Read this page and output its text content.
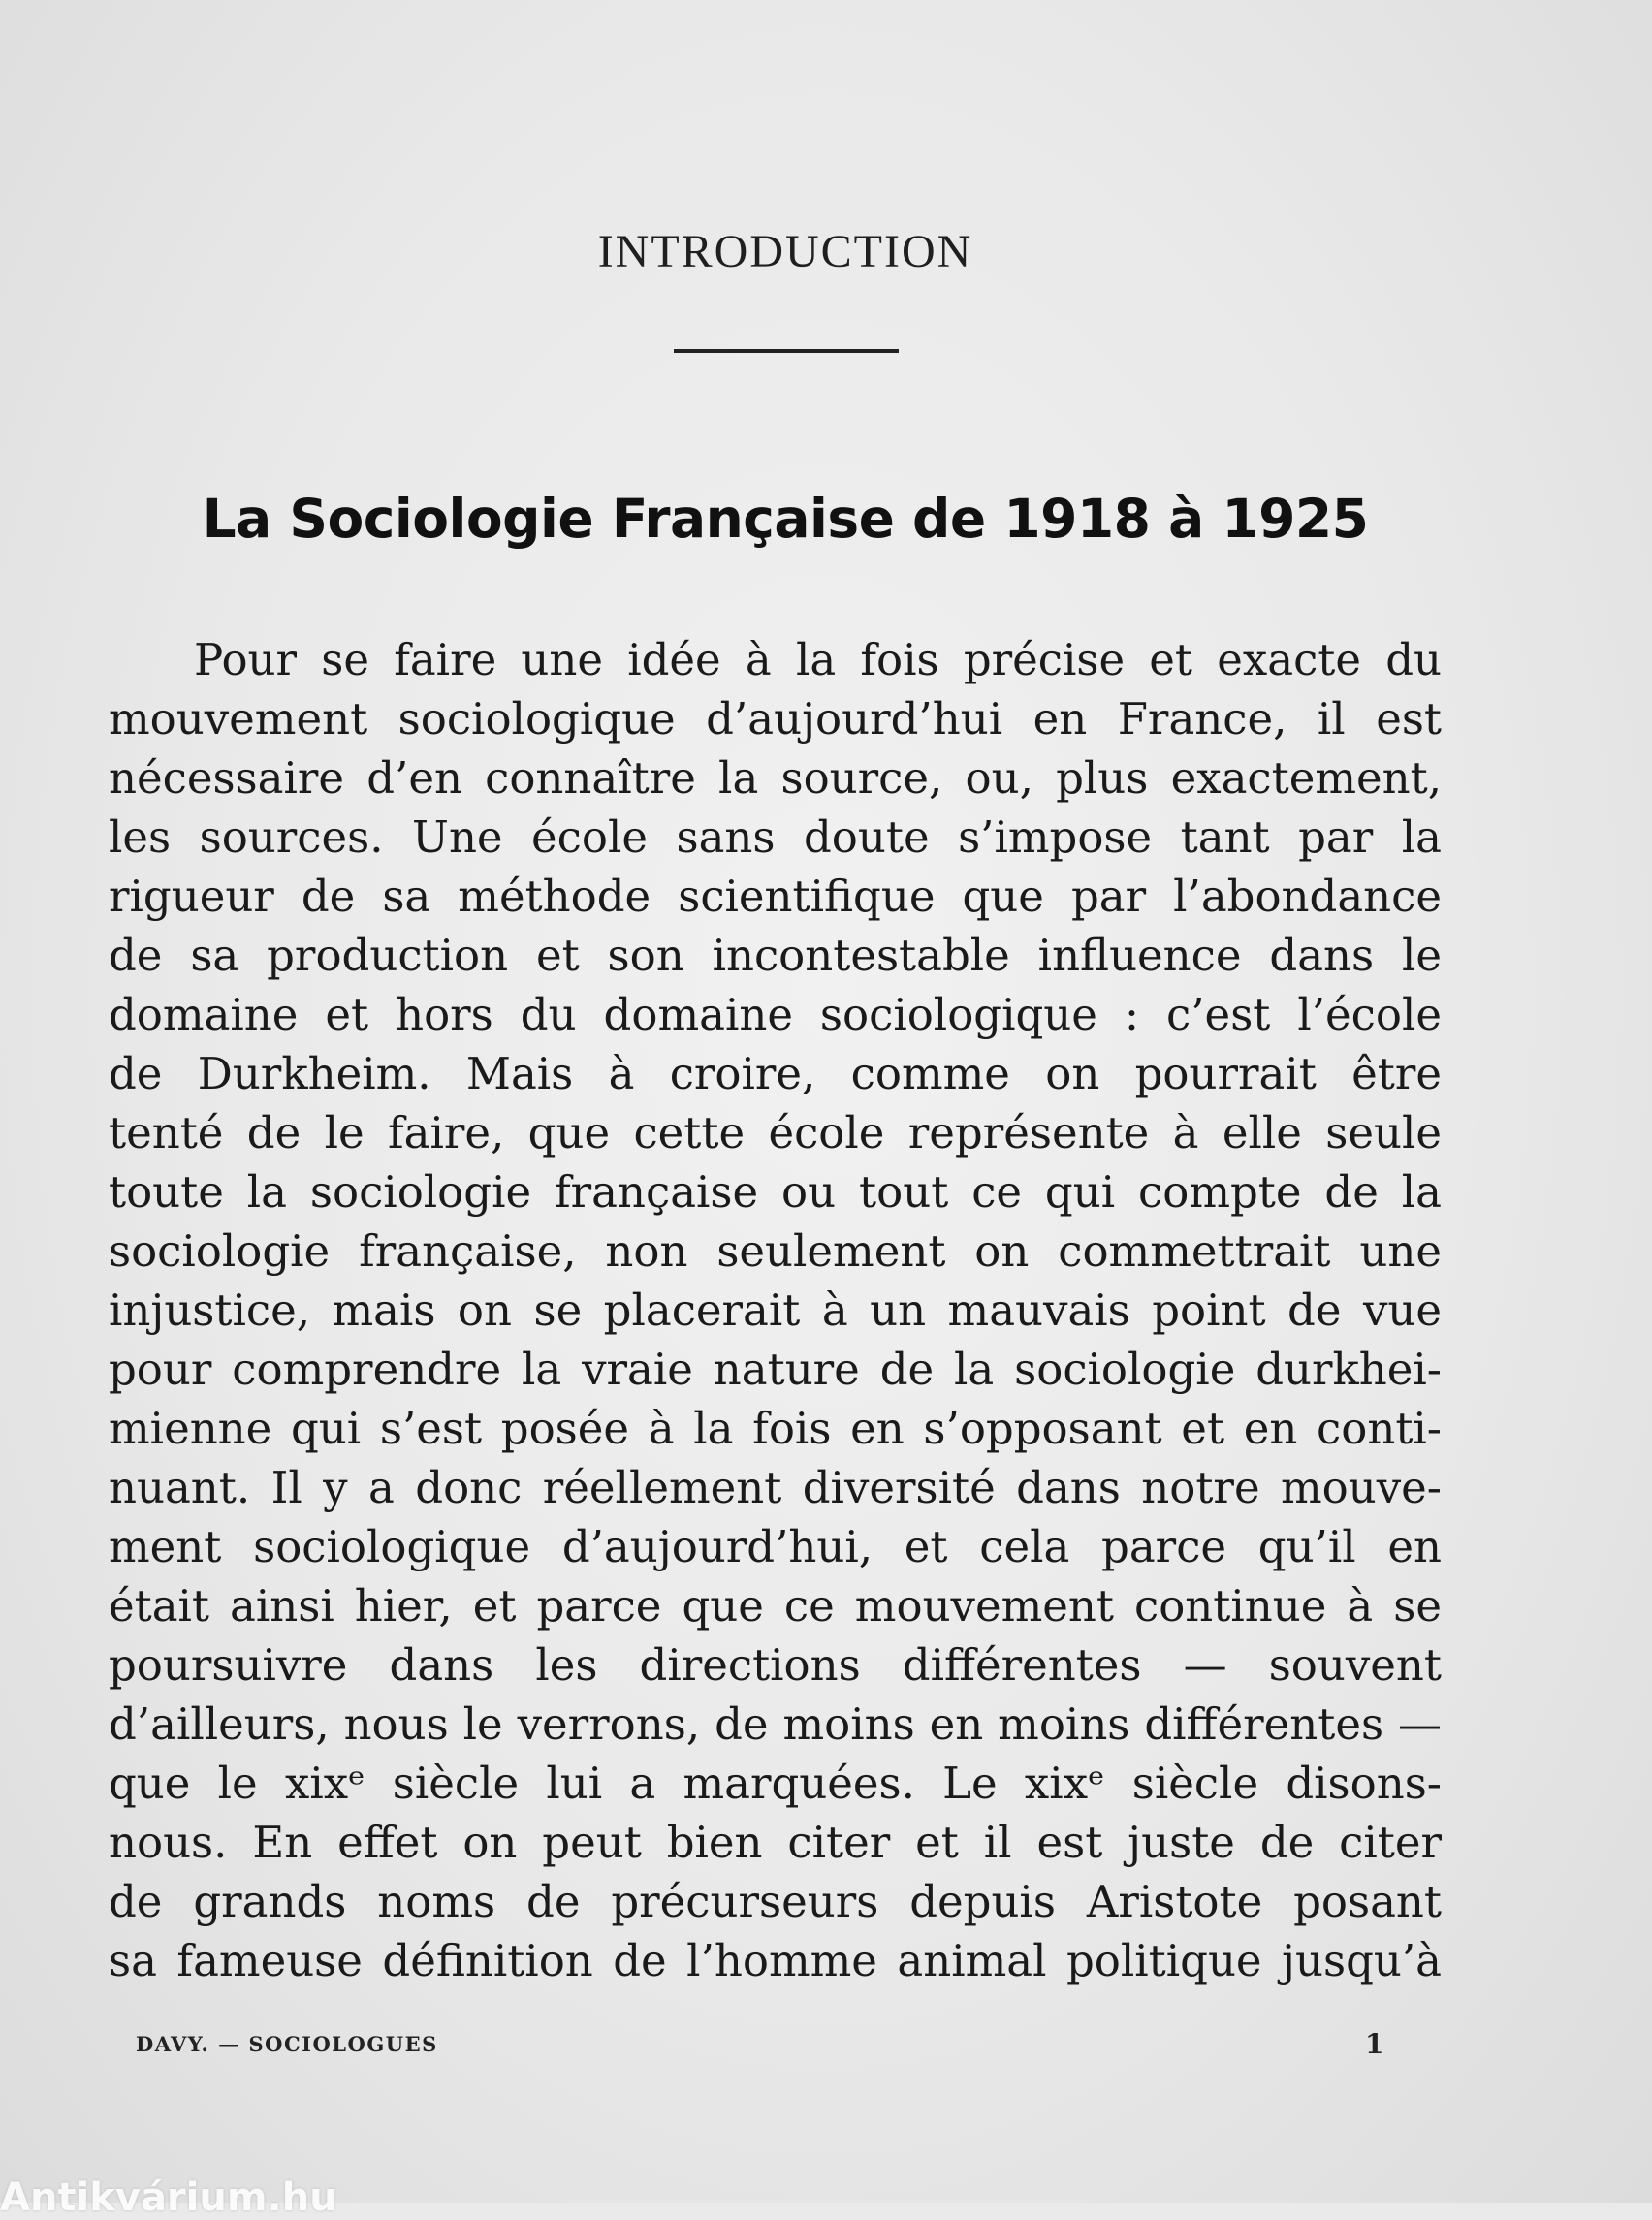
INTRODUCTION
La Sociologie Française de 1918 à 1925
Pour se faire une idée à la fois précise et exacte du
mouvement sociologique d’aujourd’hui en France, il est
nécessaire d’en connaître la source, ou, plus exactement,
les sources. Une école sans doute s’impose tant par la
rigueur de sa méthode scientifique que par l’abondance
de sa production et son incontestable influence dans le
domaine et hors du domaine sociologique : c’est l’école
de Durkheim. Mais à croire, comme on pourrait être
tenté de le faire, que cette école représente à elle seule
toute la sociologie française ou tout ce qui compte de la
sociologie française, non seulement on commettrait une
injustice, mais on se placerait à un mauvais point de vue
pour comprendre la vraie nature de la sociologie durkhei-
mienne qui s’est posée à la fois en s’opposant et en conti-
nuant. Il y a donc réellement diversité dans notre mouve-
ment sociologique d’aujourd’hui, et cela parce qu’il en
était ainsi hier, et parce que ce mouvement continue à se
poursuivre dans les directions différentes — souvent
d’ailleurs, nous le verrons, de moins en moins différentes —
que le xixᵉ siècle lui a marquées. Le xixᵉ siècle disons-
nous. En effet on peut bien citer et il est juste de citer
de grands noms de précurseurs depuis Aristote posant
sa fameuse définition de l’homme animal politique jusqu’à
DAVY. — SOCIOLOGUES	1
Antikvárium.hu
